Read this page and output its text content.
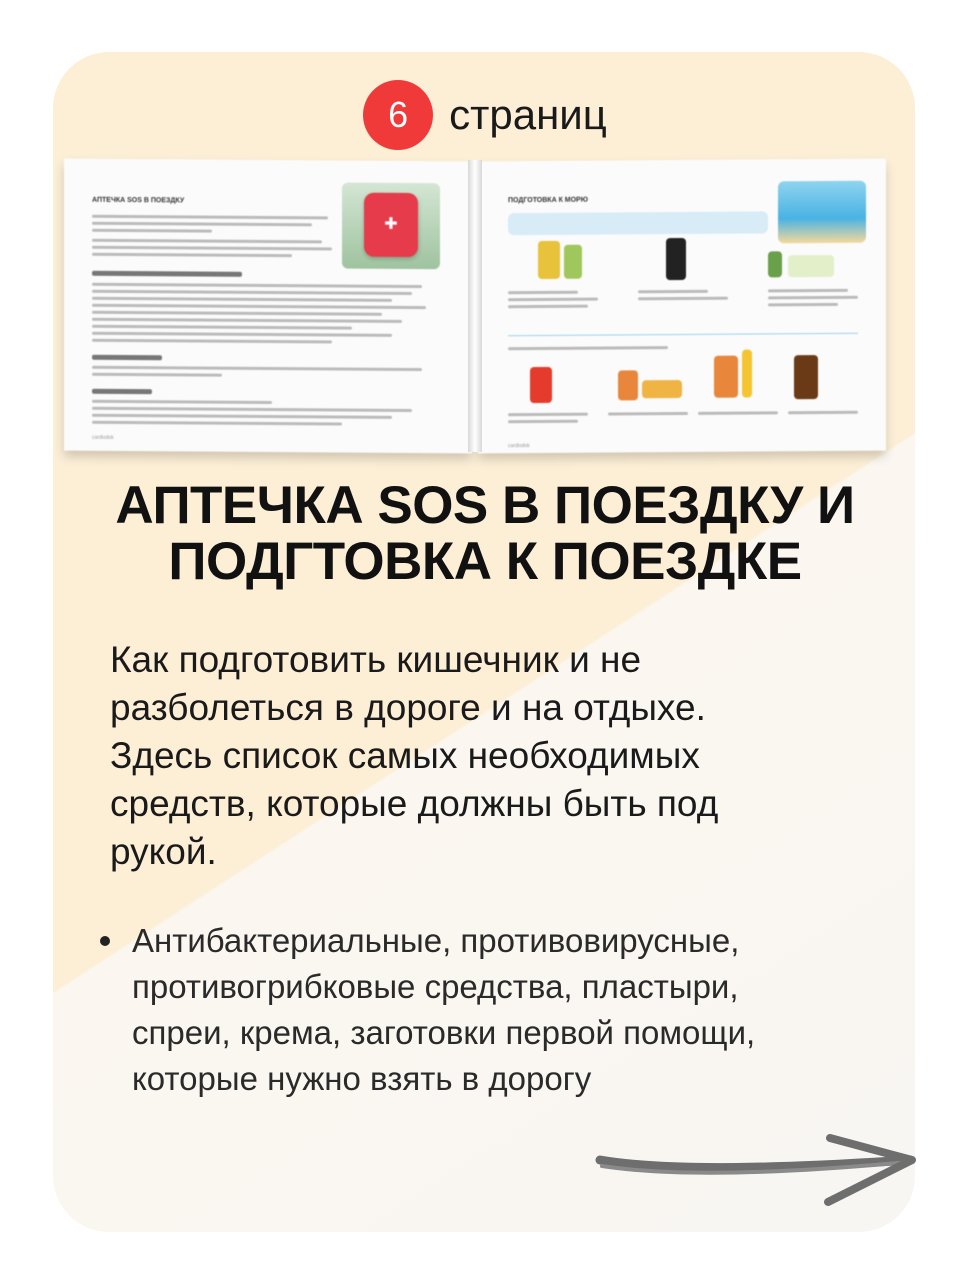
6 страниц
АПТЕЧКА SOS В ПОЕЗДКУ
✚
cardiodok
ПОДГОТОВКА К МОРЮ
cardiodok
АПТЕЧКА SOS В ПОЕЗДКУ И
ПОДГТОВКА К ПОЕЗДКЕ
Как подготовить кишечник и не
разболеться в дороге и на отдыхе.
Здесь список самых необходимых
средств, которые должны быть под
рукой.
Антибактериальные, противовирусные,
противогрибковые средства, пластыри,
спреи, крема, заготовки первой помощи,
которые нужно взять в дорогу
